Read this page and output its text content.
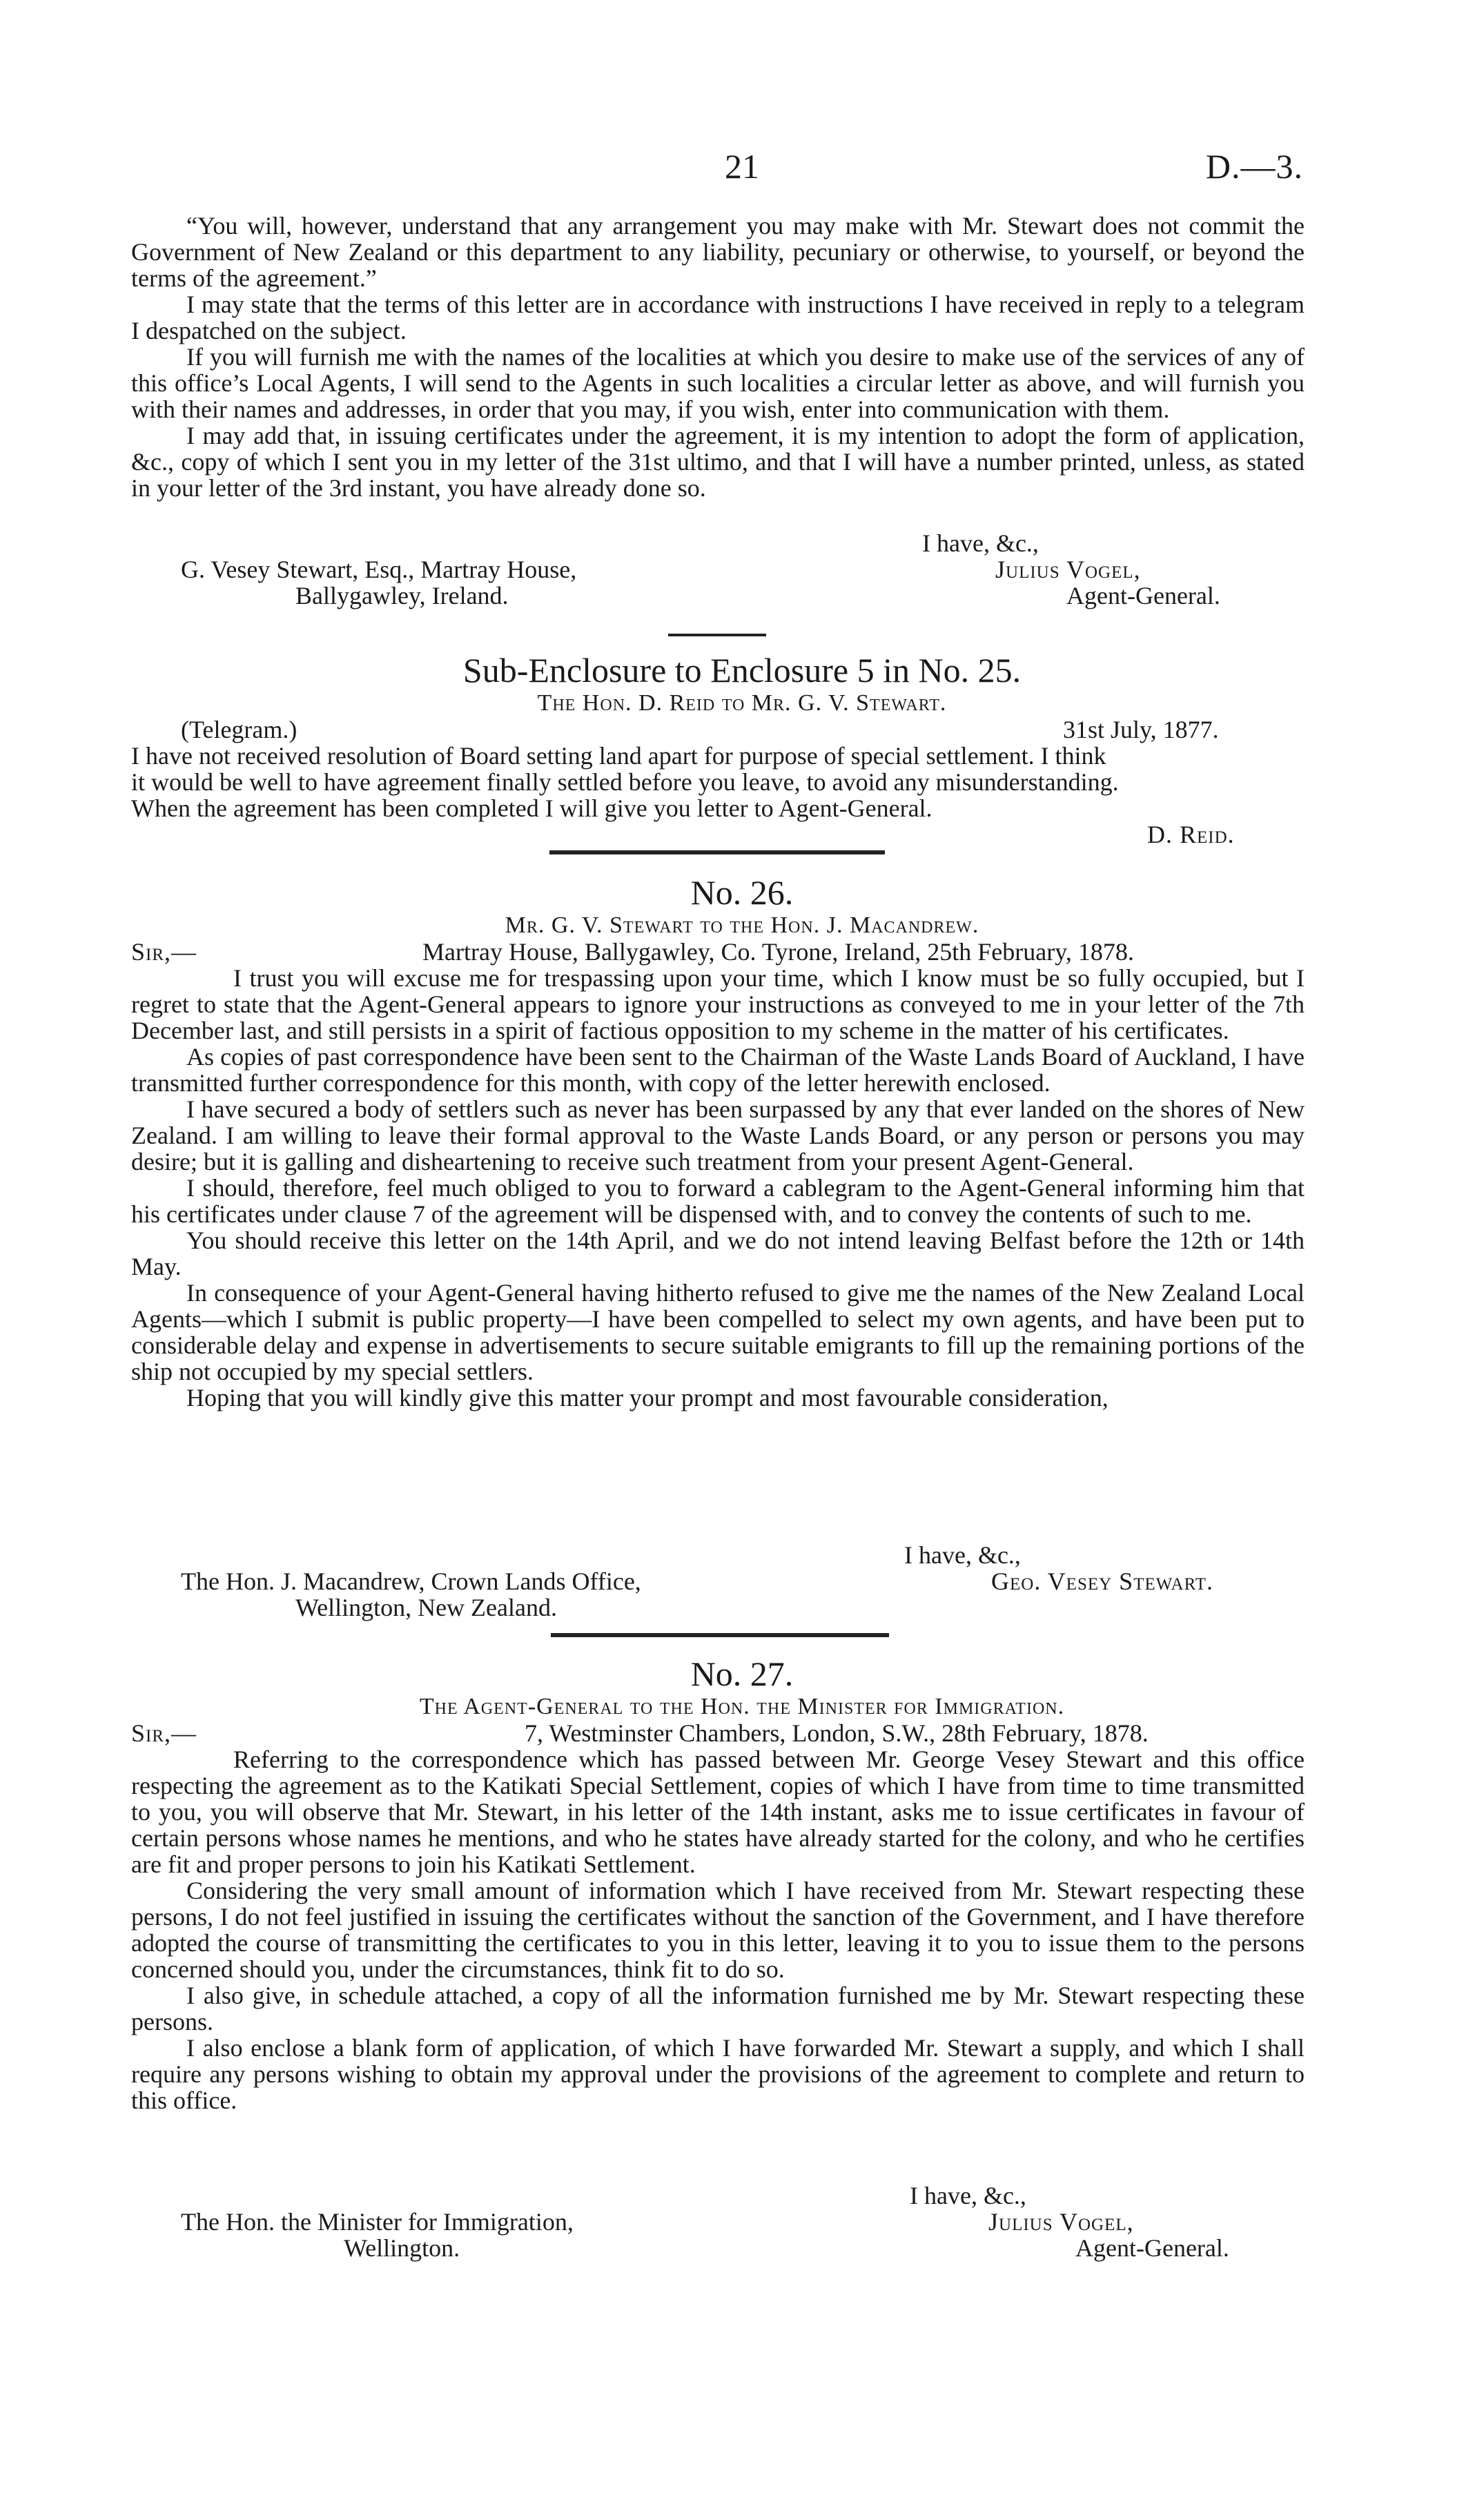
21	D.—3.

“You will, however, understand that any arrangement you may make with Mr. Stewart does not commit the Government of New Zealand or this department to any liability, pecuniary or otherwise, to yourself, or beyond the terms of the agreement.”

I may state that the terms of this letter are in accordance with instructions I have received in reply to a telegram I despatched on the subject.

If you will furnish me with the names of the localities at which you desire to make use of the services of any of this office’s Local Agents, I will send to the Agents in such localities a circular letter as above, and will furnish you with their names and addresses, in order that you may, if you wish, enter into communication with them.

I may add that, in issuing certificates under the agreement, it is my intention to adopt the form of application, &c., copy of which I sent you in my letter of the 31st ultimo, and that I will have a number printed, unless, as stated in your letter of the 3rd instant, you have already done so.

I have, &c.,
G. Vesey Stewart, Esq., Martray House,
Ballygawley, Ireland.
Julius Vogel,
Agent-General.
Sub-Enclosure to Enclosure 5 in No. 25.
The Hon. D. Reid to Mr. G. V. Stewart.
(Telegram.)	31st July, 1877.
I have not received resolution of Board setting land apart for purpose of special settlement. I think
it would be well to have agreement finally settled before you leave, to avoid any misunderstanding.
When the agreement has been completed I will give you letter to Agent-General.
D. Reid.
No. 26.
Mr. G. V. Stewart to the Hon. J. Macandrew.
Sir,—	Martray House, Ballygawley, Co. Tyrone, Ireland, 25th February, 1878.

I trust you will excuse me for trespassing upon your time, which I know must be so fully occupied, but I regret to state that the Agent-General appears to ignore your instructions as conveyed to me in your letter of the 7th December last, and still persists in a spirit of factious opposition to my scheme in the matter of his certificates.

As copies of past correspondence have been sent to the Chairman of the Waste Lands Board of Auckland, I have transmitted further correspondence for this month, with copy of the letter herewith enclosed.

I have secured a body of settlers such as never has been surpassed by any that ever landed on the shores of New Zealand. I am willing to leave their formal approval to the Waste Lands Board, or any person or persons you may desire; but it is galling and disheartening to receive such treatment from your present Agent-General.

I should, therefore, feel much obliged to you to forward a cablegram to the Agent-General informing him that his certificates under clause 7 of the agreement will be dispensed with, and to convey the contents of such to me.

You should receive this letter on the 14th April, and we do not intend leaving Belfast before the 12th or 14th May.

In consequence of your Agent-General having hitherto refused to give me the names of the New Zealand Local Agents—which I submit is public property—I have been compelled to select my own agents, and have been put to considerable delay and expense in advertisements to secure suitable emigrants to fill up the remaining portions of the ship not occupied by my special settlers.

Hoping that you will kindly give this matter your prompt and most favourable consideration,

I have, &c.,
The Hon. J. Macandrew, Crown Lands Office,
Wellington, New Zealand.
Geo. Vesey Stewart.
No. 27.
The Agent-General to the Hon. the Minister for Immigration.
Sir,—	7, Westminster Chambers, London, S.W., 28th February, 1878.

Referring to the correspondence which has passed between Mr. George Vesey Stewart and this office respecting the agreement as to the Katikati Special Settlement, copies of which I have from time to time transmitted to you, you will observe that Mr. Stewart, in his letter of the 14th instant, asks me to issue certificates in favour of certain persons whose names he mentions, and who he states have already started for the colony, and who he certifies are fit and proper persons to join his Katikati Settlement.

Considering the very small amount of information which I have received from Mr. Stewart respecting these persons, I do not feel justified in issuing the certificates without the sanction of the Government, and I have therefore adopted the course of transmitting the certificates to you in this letter, leaving it to you to issue them to the persons concerned should you, under the circumstances, think fit to do so.

I also give, in schedule attached, a copy of all the information furnished me by Mr. Stewart respecting these persons.

I also enclose a blank form of application, of which I have forwarded Mr. Stewart a supply, and which I shall require any persons wishing to obtain my approval under the provisions of the agreement to complete and return to this office.

I have, &c.,
The Hon. the Minister for Immigration,
Wellington.
Julius Vogel,
Agent-General.
